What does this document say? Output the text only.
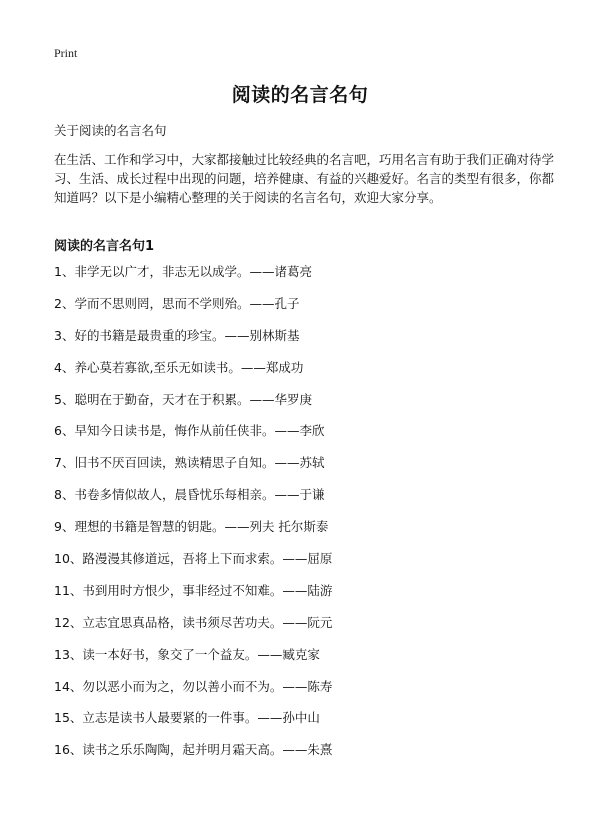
Print
阅读的名言名句
关于阅读的名言名句

在生活、工作和学习中，大家都接触过比较经典的名言吧，巧用名言有助于我们正确对待学习、生活、成长过程中出现的问题，培养健康、有益的兴趣爱好。名言的类型有很多，你都知道吗？以下是小编精心整理的关于阅读的名言名句，欢迎大家分享。

阅读的名言名句1
1、非学无以广才，非志无以成学。——诸葛亮
2、学而不思则罔，思而不学则殆。——孔子
3、好的书籍是最贵重的珍宝。——别林斯基
4、养心莫若寡欲,至乐无如读书。——郑成功
5、聪明在于勤奋，天才在于积累。——华罗庚
6、早知今日读书是，悔作从前任侠非。——李欣
7、旧书不厌百回读，熟读精思子自知。——苏轼
8、书卷多情似故人，晨昏忧乐每相亲。——于谦
9、理想的书籍是智慧的钥匙。——列夫 托尔斯泰
10、路漫漫其修道远，吾将上下而求索。——屈原
11、书到用时方恨少，事非经过不知难。——陆游
12、立志宜思真品格，读书须尽苦功夫。——阮元
13、读一本好书，象交了一个益友。——臧克家
14、勿以恶小而为之，勿以善小而不为。——陈寿
15、立志是读书人最要紧的一件事。——孙中山
16、读书之乐乐陶陶，起并明月霜天高。——朱熹
